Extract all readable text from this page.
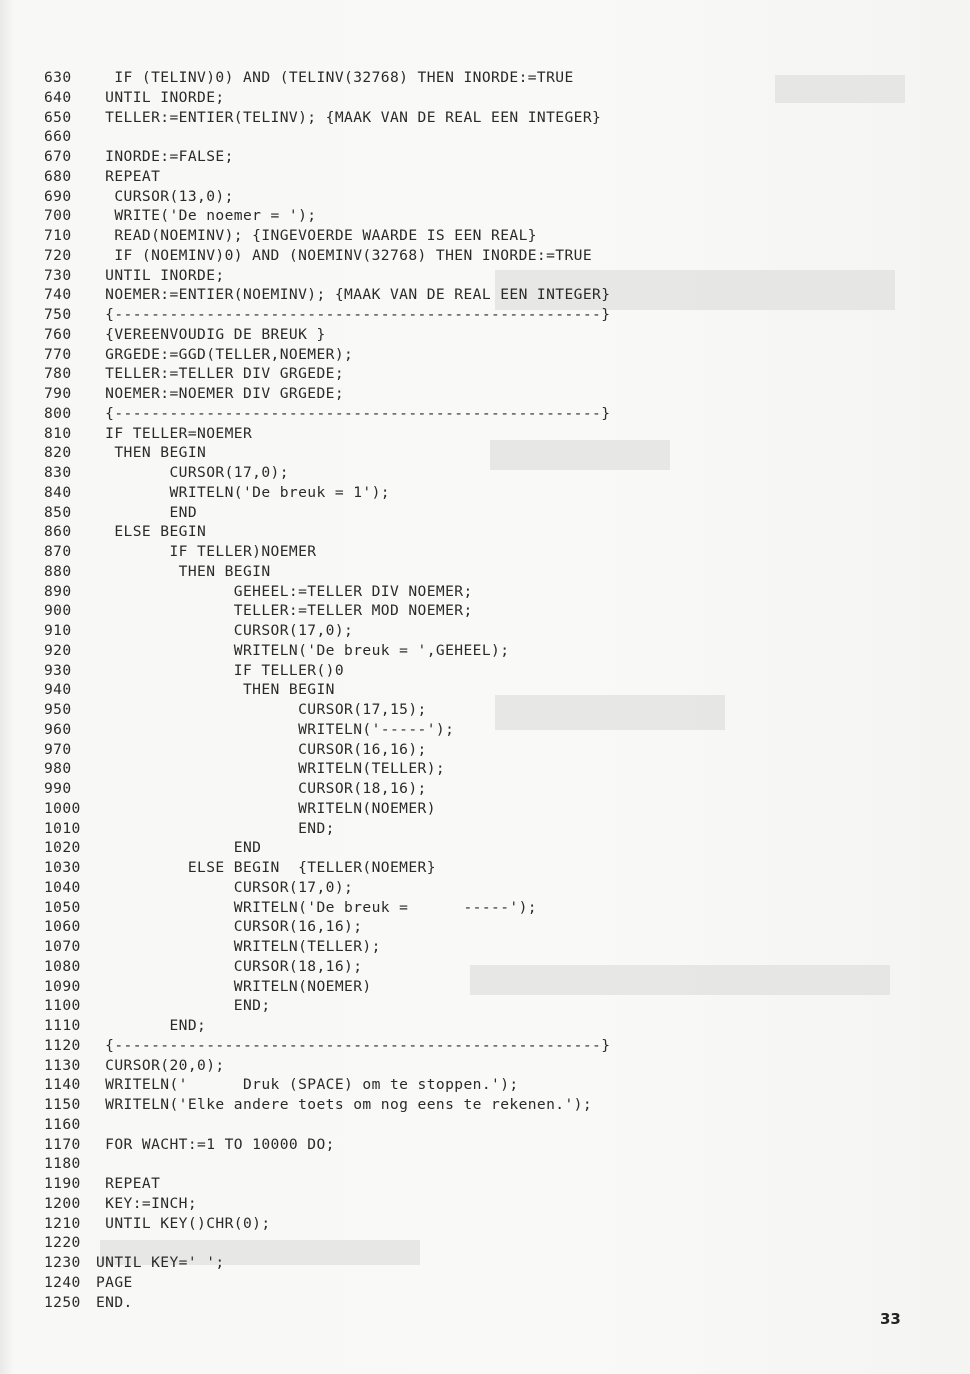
630  IF (TELINV)0) AND (TELINV(32768) THEN INORDE:=TRUE
640 UNTIL INORDE;
650 TELLER:=ENTIER(TELINV); {MAAK VAN DE REAL EEN INTEGER}
660
670 INORDE:=FALSE;
680 REPEAT
690  CURSOR(13,0);
700  WRITE('De noemer = ');
710  READ(NOEMINV); {INGEVOERDE WAARDE IS EEN REAL}
720  IF (NOEMINV)0) AND (NOEMINV(32768) THEN INORDE:=TRUE
730 UNTIL INORDE;
740 NOEMER:=ENTIER(NOEMINV); {MAAK VAN DE REAL EEN INTEGER}
750 {-----------------------------------------------------}
760 {VEREENVOUDIG DE BREUK }
770 GRGEDE:=GGD(TELLER,NOEMER);
780 TELLER:=TELLER DIV GRGEDE;
790 NOEMER:=NOEMER DIV GRGEDE;
800 {-----------------------------------------------------}
810 IF TELLER=NOEMER
820  THEN BEGIN
830        CURSOR(17,0);
840        WRITELN('De breuk = 1');
850        END
860  ELSE BEGIN
870        IF TELLER)NOEMER
880         THEN BEGIN
890               GEHEEL:=TELLER DIV NOEMER;
900               TELLER:=TELLER MOD NOEMER;
910               CURSOR(17,0);
920               WRITELN('De breuk = ',GEHEEL);
930               IF TELLER()0
940                THEN BEGIN
950                      CURSOR(17,15);
960                      WRITELN('-----');
970                      CURSOR(16,16);
980                      WRITELN(TELLER);
990                      CURSOR(18,16);
1000                      WRITELN(NOEMER)
1010                      END;
1020               END
1030          ELSE BEGIN  {TELLER(NOEMER}
1040               CURSOR(17,0);
1050               WRITELN('De breuk =      -----');
1060               CURSOR(16,16);
1070               WRITELN(TELLER);
1080               CURSOR(18,16);
1090               WRITELN(NOEMER)
1100               END;
1110        END;
1120 {-----------------------------------------------------}
1130 CURSOR(20,0);
1140 WRITELN('      Druk (SPACE) om te stoppen.');
1150 WRITELN('Elke andere toets om nog eens te rekenen.');
1160
1170 FOR WACHT:=1 TO 10000 DO;
1180
1190 REPEAT
1200 KEY:=INCH;
1210 UNTIL KEY()CHR(0);
1220
1230 UNTIL KEY=' ';
1240 PAGE
1250 END.
33
